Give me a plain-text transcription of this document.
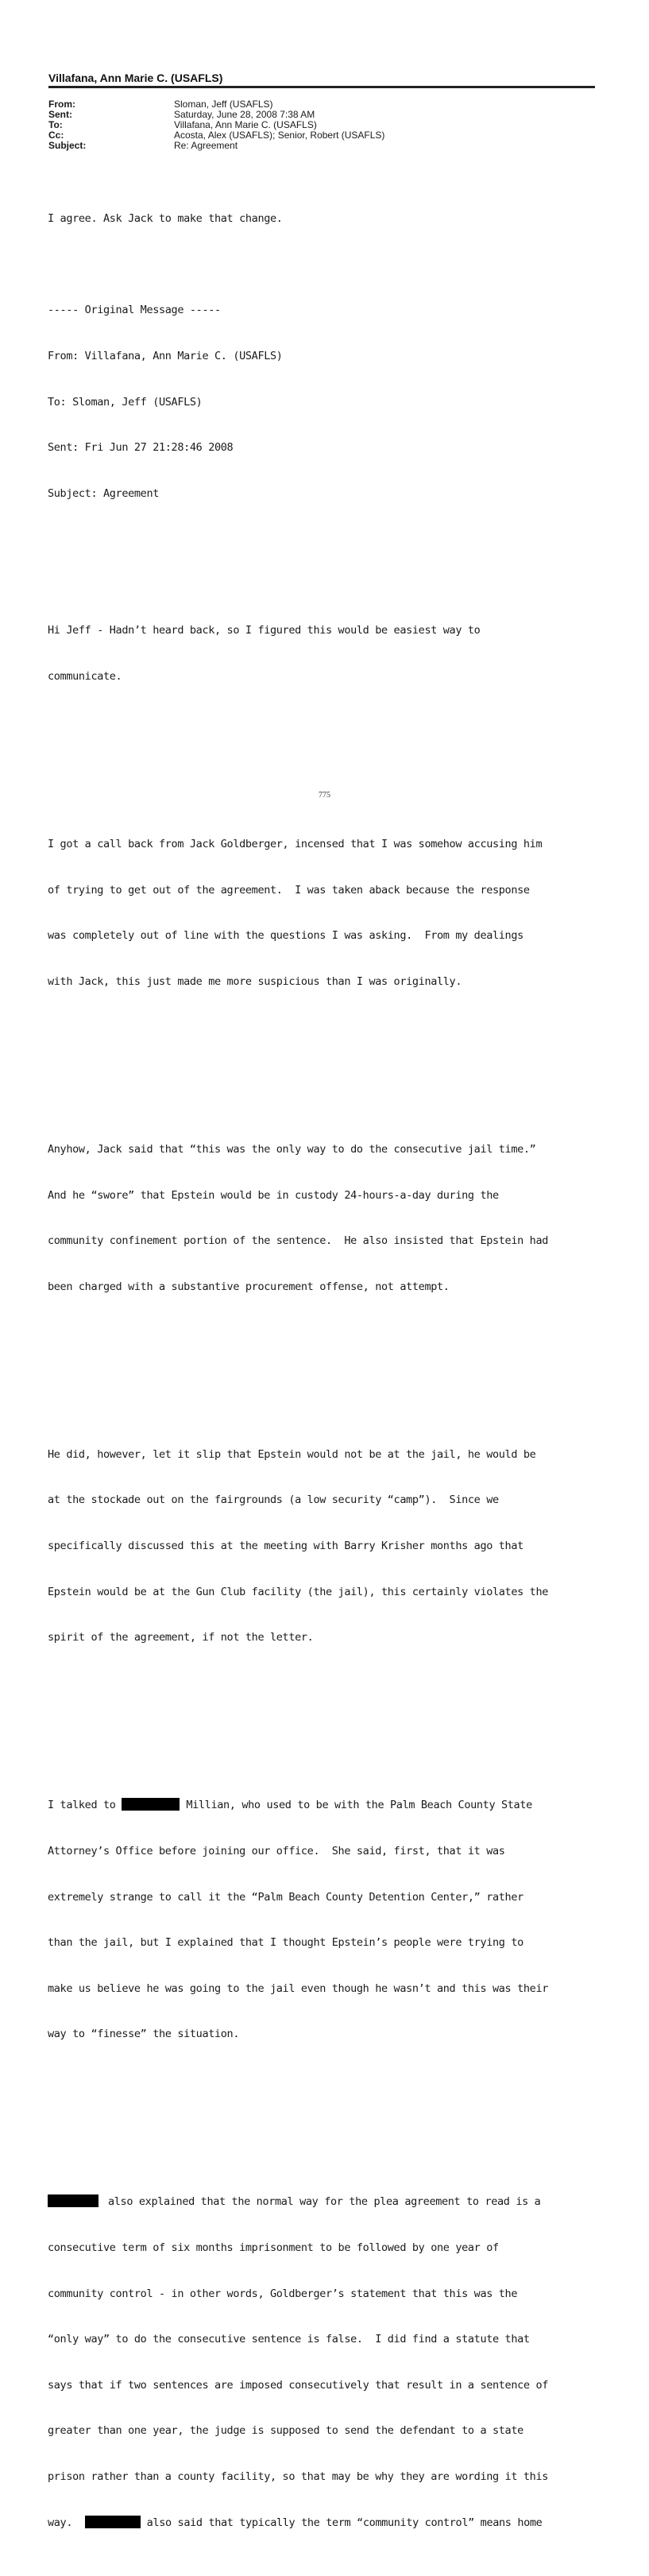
Villafana, Ann Marie C. (USAFLS)
From:	Sloman, Jeff (USAFLS)
Sent:	Saturday, June 28, 2008 7:38 AM
To:	Villafana, Ann Marie C. (USAFLS)
Cc:	Acosta, Alex (USAFLS); Senior, Robert (USAFLS)
Subject:	Re: Agreement

I agree. Ask Jack to make that change.

----- Original Message -----

From: Villafana, Ann Marie C. (USAFLS)

To: Sloman, Jeff (USAFLS)

Sent: Fri Jun 27 21:28:46 2008

Subject: Agreement

Hi Jeff - Hadn’t heard back, so I figured this would be easiest way to

communicate.

I got a call back from Jack Goldberger, incensed that I was somehow accusing him

of trying to get out of the agreement.  I was taken aback because the response

was completely out of line with the questions I was asking.  From my dealings

with Jack, this just made me more suspicious than I was originally.

Anyhow, Jack said that “this was the only way to do the consecutive jail time.”

And he “swore” that Epstein would be in custody 24-hours-a-day during the

community confinement portion of the sentence.  He also insisted that Epstein had

been charged with a substantive procurement offense, not attempt.

He did, however, let it slip that Epstein would not be at the jail, he would be

at the stockade out on the fairgrounds (a low security “camp”).  Since we

specifically discussed this at the meeting with Barry Krisher months ago that

Epstein would be at the Gun Club facility (the jail), this certainly violates the

spirit of the agreement, if not the letter.

I talked to	Millian, who used to be with the Palm Beach County State

Attorney’s Office before joining our office.  She said, first, that it was

extremely strange to call it the “Palm Beach County Detention Center,” rather

than the jail, but I explained that I thought Epstein’s people were trying to

make us believe he was going to the jail even though he wasn’t and this was their

way to “finesse” the situation.

also explained that the normal way for the plea agreement to read is a

consecutive term of six months imprisonment to be followed by one year of

community control - in other words, Goldberger’s statement that this was the

“only way” to do the consecutive sentence is false.  I did find a statute that

says that if two sentences are imposed consecutively that result in a sentence of

greater than one year, the judge is supposed to send the defendant to a state

prison rather than a county facility, so that may be why they are wording it this

way.	also said that typically the term “community control” means home

775
